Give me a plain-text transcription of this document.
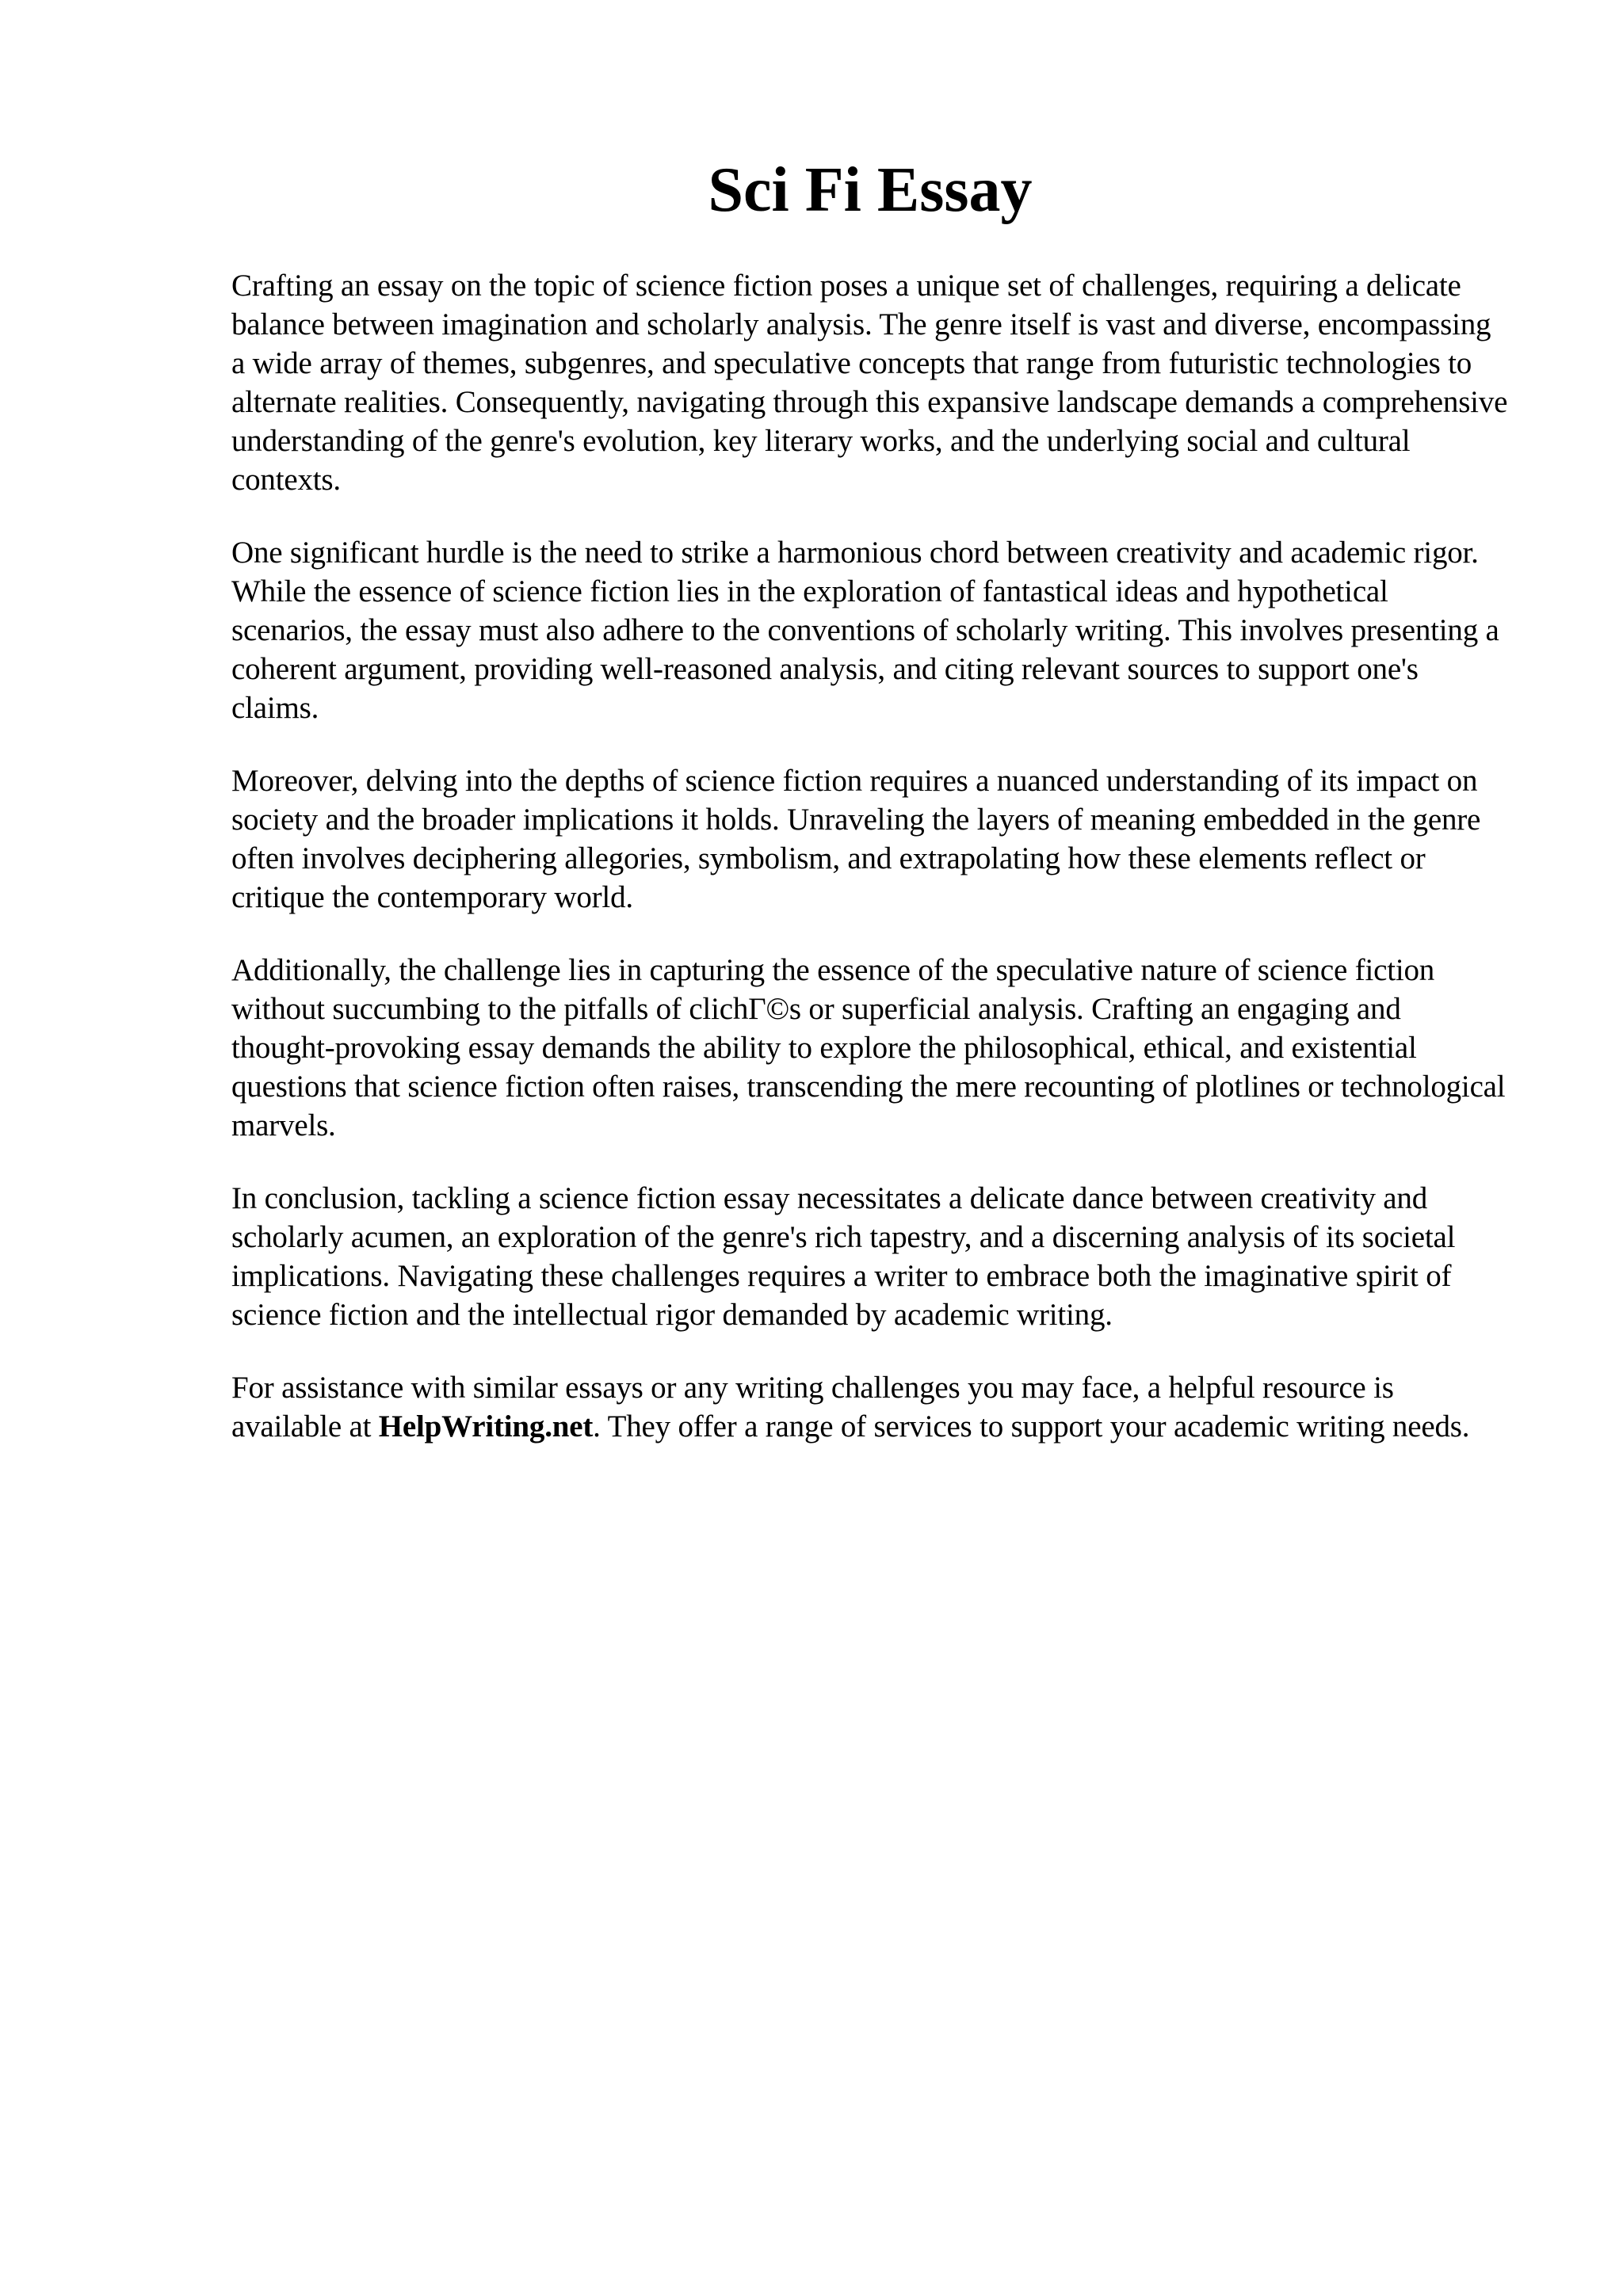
Sci Fi Essay

Crafting an essay on the topic of science fiction poses a unique set of challenges, requiring a delicate balance between imagination and scholarly analysis. The genre itself is vast and diverse, encompassing a wide array of themes, subgenres, and speculative concepts that range from futuristic technologies to alternate realities. Consequently, navigating through this expansive landscape demands a comprehensive understanding of the genre's evolution, key literary works, and the underlying social and cultural contexts.

One significant hurdle is the need to strike a harmonious chord between creativity and academic rigor. While the essence of science fiction lies in the exploration of fantastical ideas and hypothetical scenarios, the essay must also adhere to the conventions of scholarly writing. This involves presenting a coherent argument, providing well-reasoned analysis, and citing relevant sources to support one's claims.

Moreover, delving into the depths of science fiction requires a nuanced understanding of its impact on society and the broader implications it holds. Unraveling the layers of meaning embedded in the genre often involves deciphering allegories, symbolism, and extrapolating how these elements reflect or critique the contemporary world.

Additionally, the challenge lies in capturing the essence of the speculative nature of science fiction without succumbing to the pitfalls of clichГ©s or superficial analysis. Crafting an engaging and thought-provoking essay demands the ability to explore the philosophical, ethical, and existential questions that science fiction often raises, transcending the mere recounting of plotlines or technological marvels.

In conclusion, tackling a science fiction essay necessitates a delicate dance between creativity and scholarly acumen, an exploration of the genre's rich tapestry, and a discerning analysis of its societal implications. Navigating these challenges requires a writer to embrace both the imaginative spirit of science fiction and the intellectual rigor demanded by academic writing.

For assistance with similar essays or any writing challenges you may face, a helpful resource is available at HelpWriting.net. They offer a range of services to support your academic writing needs.
